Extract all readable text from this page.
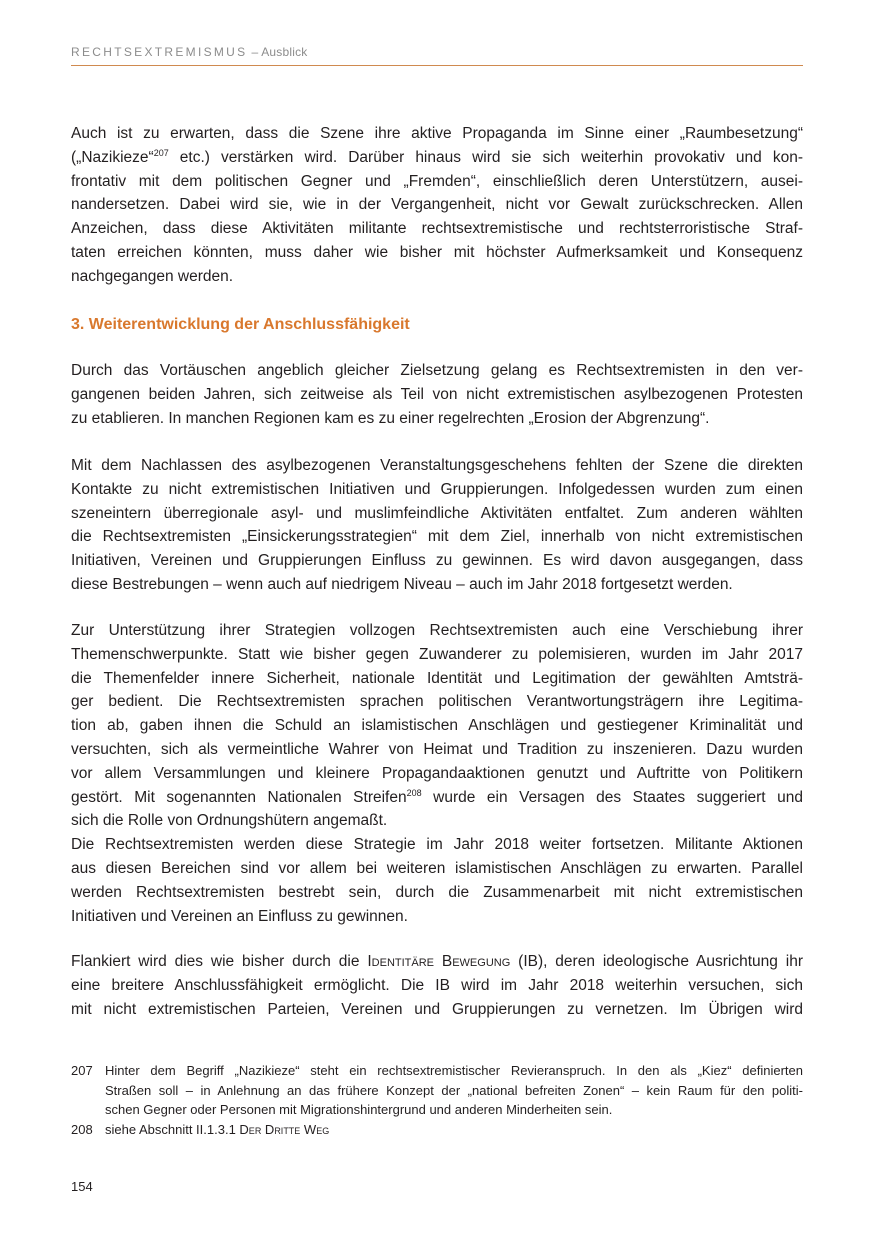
RECHTSEXTREMISMUS – Ausblick
Auch ist zu erwarten, dass die Szene ihre aktive Propaganda im Sinne einer „Raumbesetzung“
(„Nazikieze“$^{207}$ etc.) verstärken wird. Darüber hinaus wird sie sich weiterhin provokativ und kon-
frontativ mit dem politischen Gegner und „Fremden“, einschließlich deren Unterstützern, ausei-
nandersetzen. Dabei wird sie, wie in der Vergangenheit, nicht vor Gewalt zurückschrecken. Allen
Anzeichen, dass diese Aktivitäten militante rechtsextremistische und rechtsterroristische Straf-
taten erreichen könnten, muss daher wie bisher mit höchster Aufmerksamkeit und Konsequenz
nachgegangen werden.
3. Weiterentwicklung der Anschlussfähigkeit
Durch das Vortäuschen angeblich gleicher Zielsetzung gelang es Rechtsextremisten in den ver-
gangenen beiden Jahren, sich zeitweise als Teil von nicht extremistischen asylbezogenen Protesten
zu etablieren. In manchen Regionen kam es zu einer regelrechten „Erosion der Abgrenzung“.
Mit dem Nachlassen des asylbezogenen Veranstaltungsgeschehens fehlten der Szene die direkten
Kontakte zu nicht extremistischen Initiativen und Gruppierungen. Infolgedessen wurden zum einen
szeneintern überregionale asyl- und muslimfeindliche Aktivitäten entfaltet. Zum anderen wählten
die Rechtsextremisten „Einsickerungsstrategien“ mit dem Ziel, innerhalb von nicht extremistischen
Initiativen, Vereinen und Gruppierungen Einfluss zu gewinnen. Es wird davon ausgegangen, dass
diese Bestrebungen – wenn auch auf niedrigem Niveau – auch im Jahr 2018 fortgesetzt werden.
Zur Unterstützung ihrer Strategien vollzogen Rechtsextremisten auch eine Verschiebung ihrer
Themenschwerpunkte. Statt wie bisher gegen Zuwanderer zu polemisieren, wurden im Jahr 2017
die Themenfelder innere Sicherheit, nationale Identität und Legitimation der gewählten Amtsträ-
ger bedient. Die Rechtsextremisten sprachen politischen Verantwortungsträgern ihre Legitima-
tion ab, gaben ihnen die Schuld an islamistischen Anschlägen und gestiegener Kriminalität und
versuchten, sich als vermeintliche Wahrer von Heimat und Tradition zu inszenieren. Dazu wurden
vor allem Versammlungen und kleinere Propagandaaktionen genutzt und Auftritte von Politikern
gestört. Mit sogenannten Nationalen Streifen$^{208}$ wurde ein Versagen des Staates suggeriert und
sich die Rolle von Ordnungshütern angemaßt.
Die Rechtsextremisten werden diese Strategie im Jahr 2018 weiter fortsetzen. Militante Aktionen
aus diesen Bereichen sind vor allem bei weiteren islamistischen Anschlägen zu erwarten. Parallel
werden Rechtsextremisten bestrebt sein, durch die Zusammenarbeit mit nicht extremistischen
Initiativen und Vereinen an Einfluss zu gewinnen.
Flankiert wird dies wie bisher durch die Identitäre Bewegung (IB), deren ideologische Ausrichtung ihr
eine breitere Anschlussfähigkeit ermöglicht. Die IB wird im Jahr 2018 weiterhin versuchen, sich
mit nicht extremistischen Parteien, Vereinen und Gruppierungen zu vernetzen. Im Übrigen wird
207 Hinter dem Begriff „Nazikieze“ steht ein rechtsextremistischer Revieranspruch. In den als „Kiez“ definierten
Straßen soll – in Anlehnung an das frühere Konzept der „national befreiten Zonen“ – kein Raum für den politi-
schen Gegner oder Personen mit Migrationshintergrund und anderen Minderheiten sein.
208 siehe Abschnitt II.1.3.1 Der Dritte Weg
154
